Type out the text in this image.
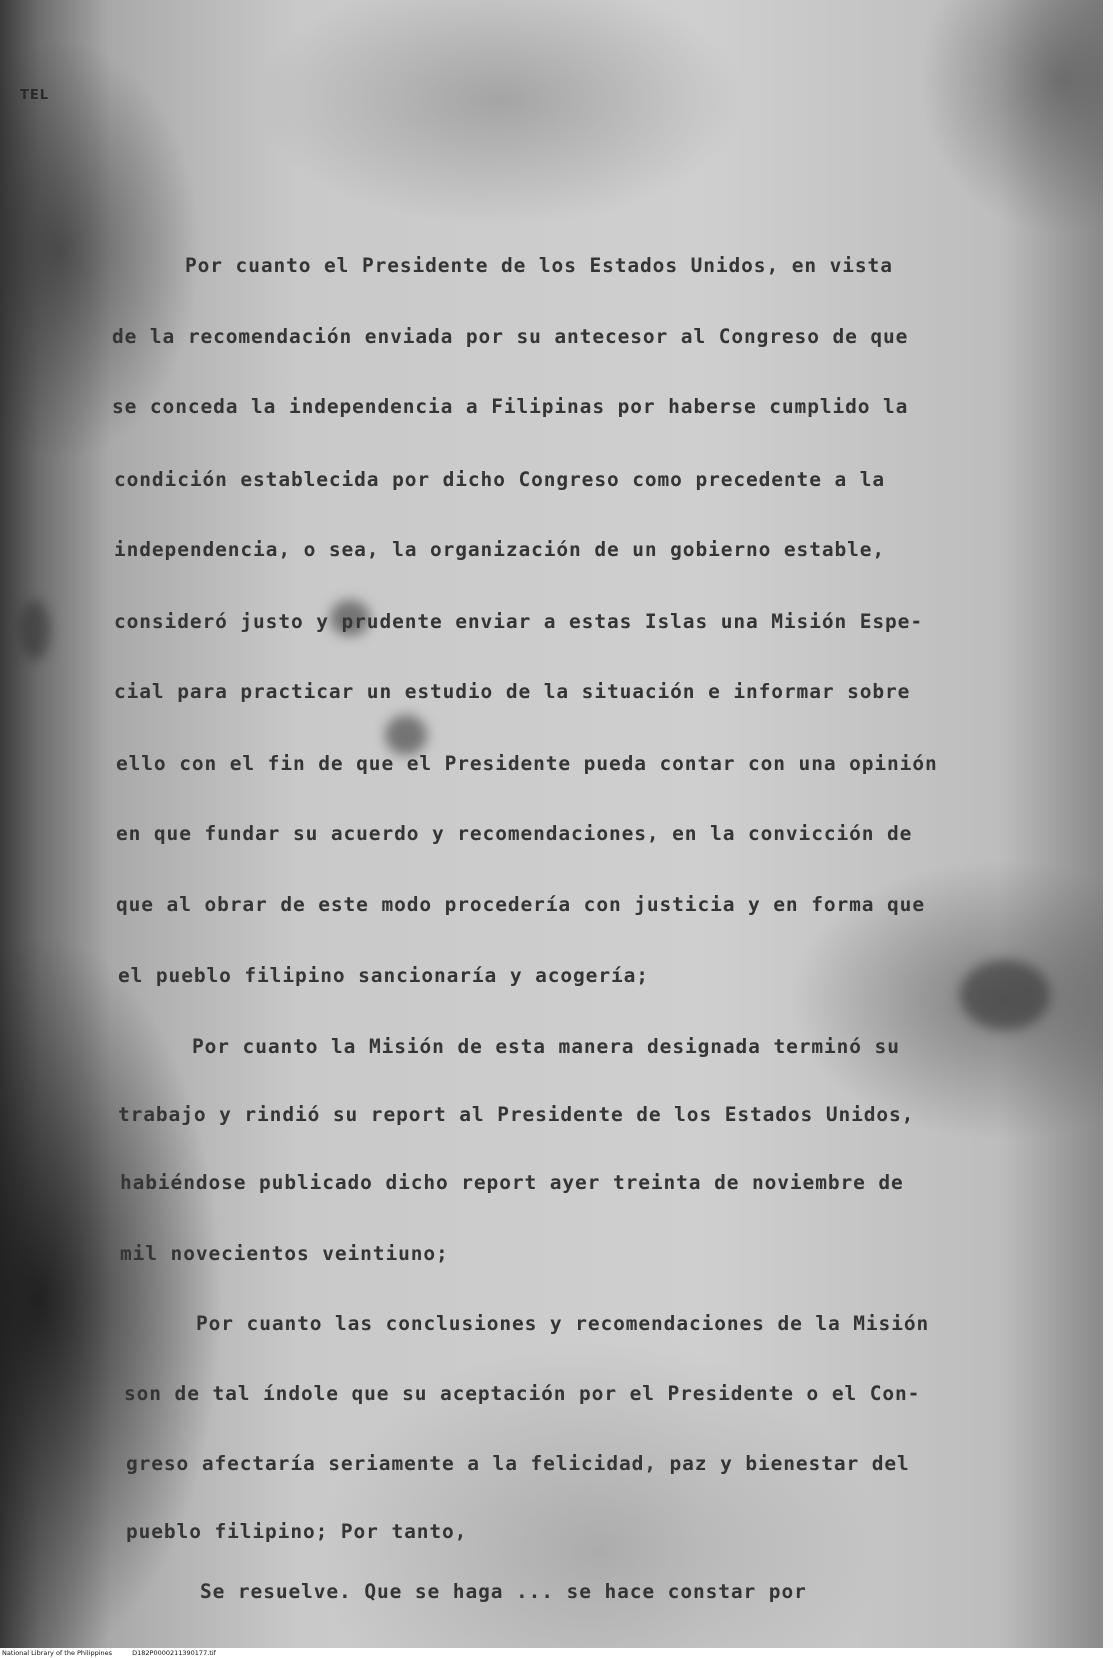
TEL
Por cuanto el Presidente de los Estados Unidos, en vista
de la recomendación enviada por su antecesor al Congreso de que
se conceda la independencia a Filipinas por haberse cumplido la
condición establecida por dicho Congreso como precedente a la
independencia, o sea, la organización de un gobierno estable,
consideró justo y prudente enviar a estas Islas una Misión Espe-
cial para practicar un estudio de la situación e informar sobre
ello con el fin de que el Presidente pueda contar con una opinión
en que fundar su acuerdo y recomendaciones, en la convicción de
que al obrar de este modo procedería con justicia y en forma que
el pueblo filipino sancionaría y acogería;
Por cuanto la Misión de esta manera designada terminó su
trabajo y rindió su report al Presidente de los Estados Unidos,
habiéndose publicado dicho report ayer treinta de noviembre de
mil novecientos veintiuno;
Por cuanto las conclusiones y recomendaciones de la Misión
son de tal índole que su aceptación por el Presidente o el Con-
greso afectaría seriamente a la felicidad, paz y bienestar del
pueblo filipino; Por tanto,
Se resuelve. Que se haga ... se hace constar por
National Library of the Philippines	D182P0000211390177.tif
